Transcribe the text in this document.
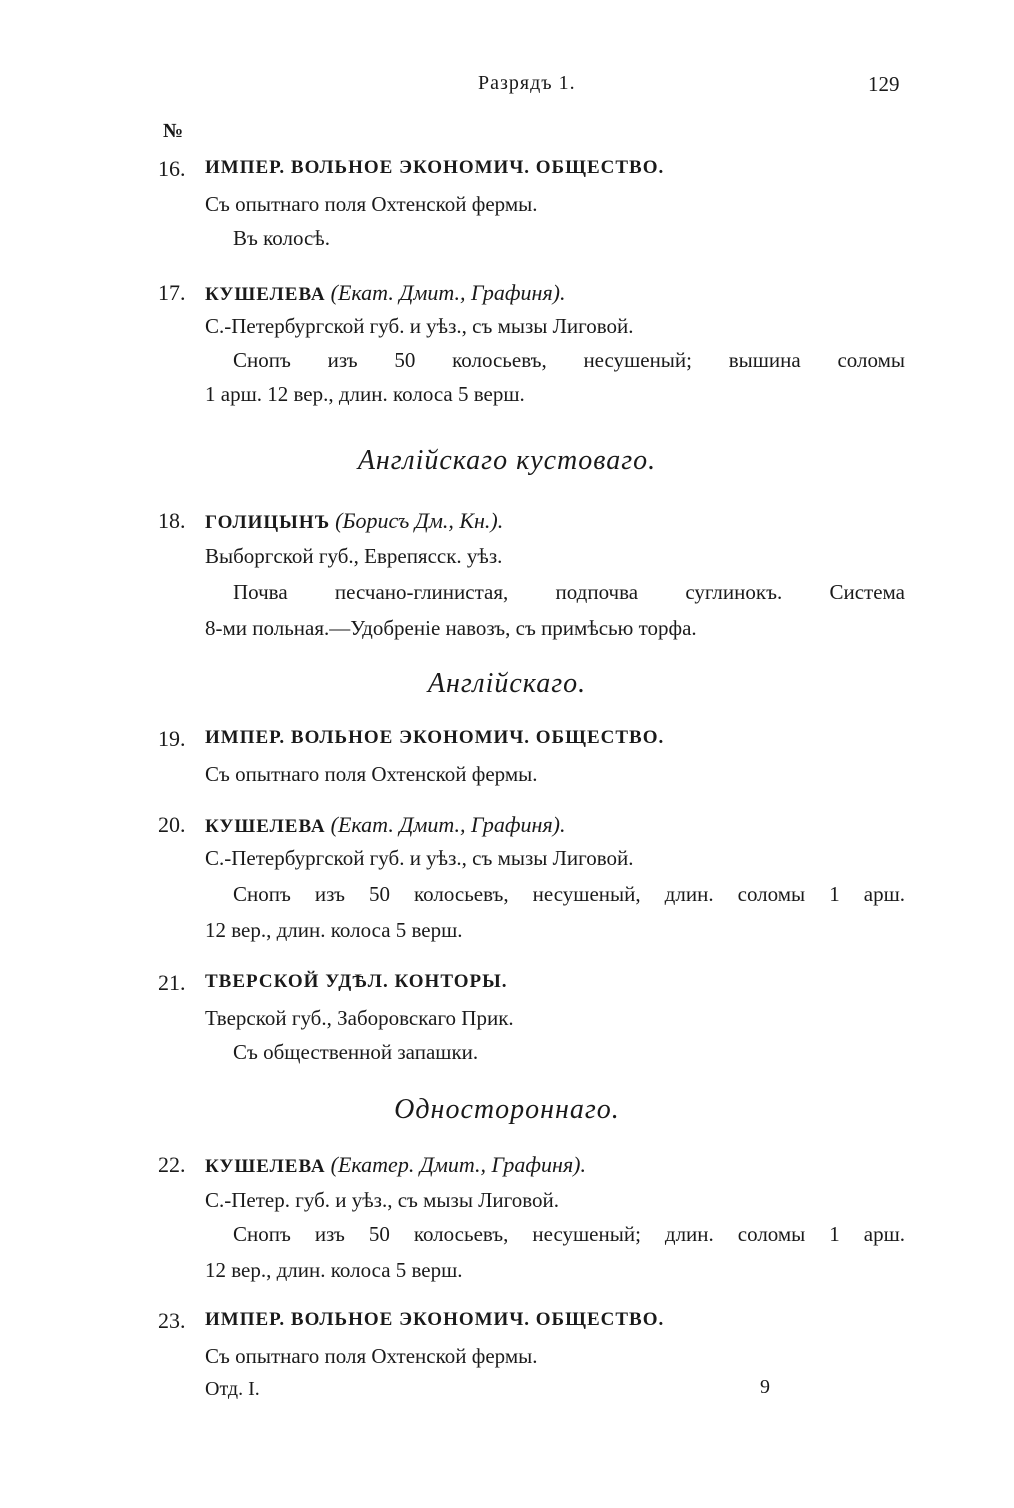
Разрядъ 1.	129
№
16. ИМПЕР. ВОЛЬНОЕ ЭКОНОМИЧ. ОБЩЕСТВО.
Съ опытнаго поля Охтенской фермы.
Въ колосѣ.
17. КУШЕЛЕВА (Екат. Дмит., Графиня).
С.-Петербургской губ. и уѣз., съ мызы Лиговой.
Снопъ изъ 50 колосьевъ, несушеный; вышина соломы
1 арш. 12 вер., длин. колоса 5 верш.
Англійскаго кустоваго.
18. ГОЛИЦЫНЪ (Борисъ Дм., Кн.).
Выборгской губ., Еврепясск. уѣз.
Почва песчано-глинистая, подпочва суглинокъ. Система
8-ми польная.—Удобреніе навозъ, съ примѣсью торфа.
Англійскаго.
19. ИМПЕР. ВОЛЬНОЕ ЭКОНОМИЧ. ОБЩЕСТВО.
Съ опытнаго поля Охтенской фермы.
20. КУШЕЛЕВА (Екат. Дмит., Графиня).
С.-Петербургской губ. и уѣз., съ мызы Лиговой.
Снопъ изъ 50 колосьевъ, несушеный, длин. соломы 1 арш.
12 вер., длин. колоса 5 верш.
21. ТВЕРСКОЙ УДѢЛ. КОНТОРЫ.
Тверской губ., Заборовскаго Прик.
Съ общественной запашки.
Одностороннаго.
22. КУШЕЛЕВА (Екатер. Дмит., Графиня).
С.-Петер. губ. и уѣз., съ мызы Лиговой.
Снопъ изъ 50 колосьевъ, несушеный; длин. соломы 1 арш.
12 вер., длин. колоса 5 верш.
23. ИМПЕР. ВОЛЬНОЕ ЭКОНОМИЧ. ОБЩЕСТВО.
Съ опытнаго поля Охтенской фермы.
Отд. I.	9
